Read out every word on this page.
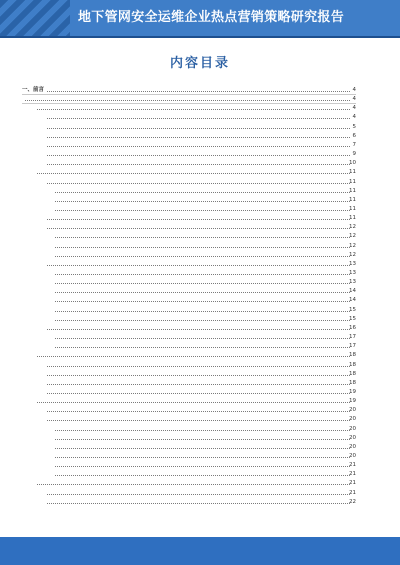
地下管网安全运维企业热点营销策略研究报告
内容目录
一、前言	4
4
4
4
5
6
7
9
10
11
11
11
11
11
11
12
12
12
12
13
13
13
14
14
15
15
16
17
17
18
18
18
18
19
19
20
20
20
20
20
20
21
21
21
21
22
